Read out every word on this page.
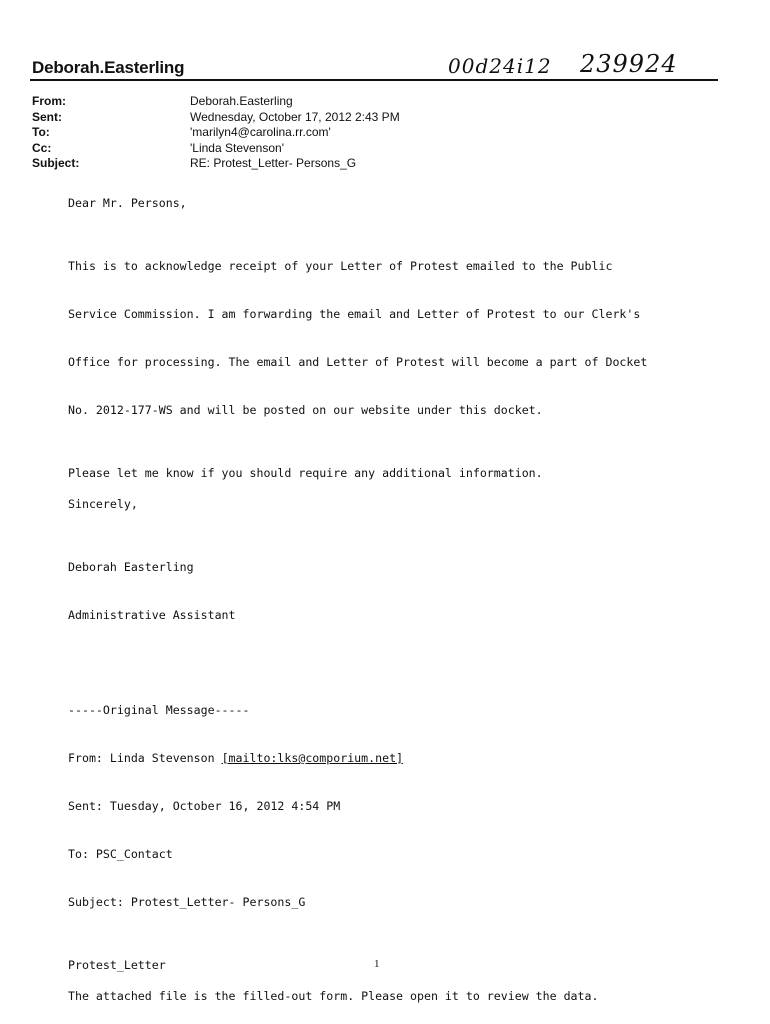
Deborah.Easterling	00d24i12 239924
From:	Deborah.Easterling
Sent:	Wednesday, October 17, 2012 2:43 PM
To:	'marilyn4@carolina.rr.com'
Cc:	'Linda Stevenson'
Subject:	RE: Protest_Letter- Persons_G

Dear Mr. Persons,

This is to acknowledge receipt of your Letter of Protest emailed to the Public

Service Commission. I am forwarding the email and Letter of Protest to our Clerk's

Office for processing. The email and Letter of Protest will become a part of Docket

No. 2012-177-WS and will be posted on our website under this docket.

Please let me know if you should require any additional information.

Sincerely,

Deborah Easterling

Administrative Assistant

-----Original Message-----

From: Linda Stevenson [mailto:lks@comporium.net]

Sent: Tuesday, October 16, 2012 4:54 PM

To: PSC_Contact

Subject: Protest_Letter- Persons_G

Protest_Letter

The attached file is the filled-out form. Please open it to review the data.

1
